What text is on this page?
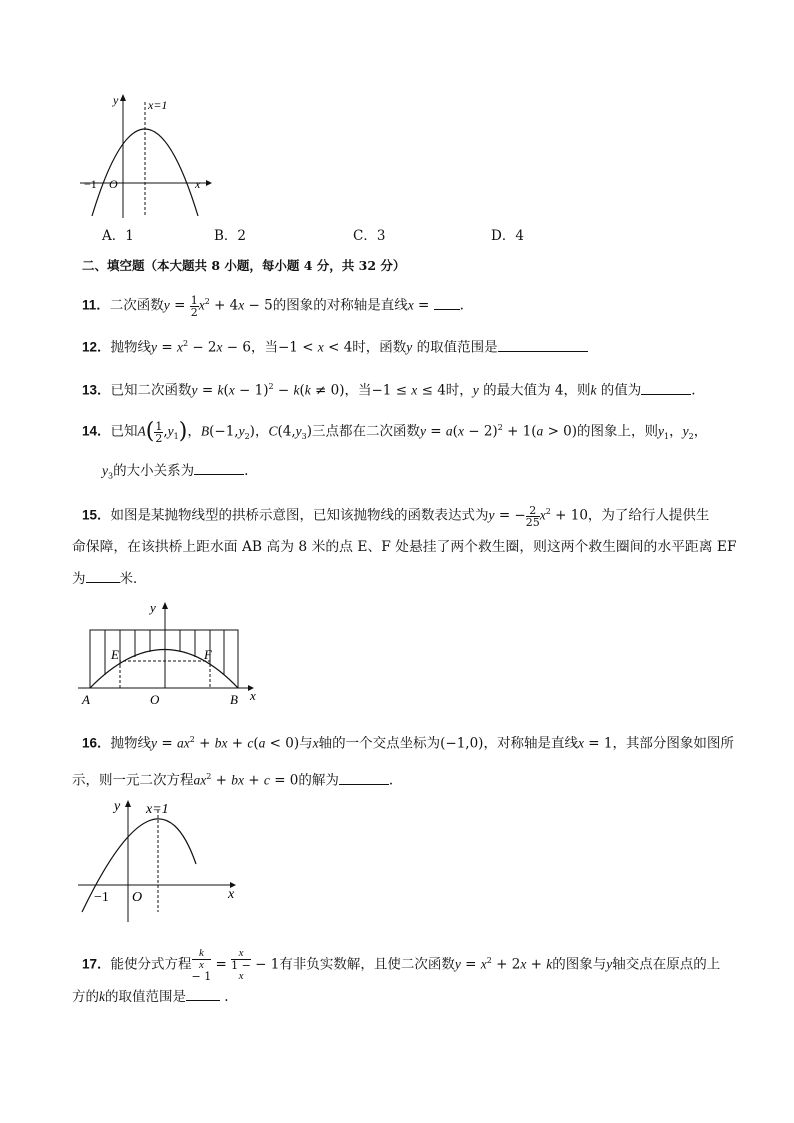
y x=1
−1 O	x
A．1	B．2	C．3	D．4
二、填空题（本大题共 8 小题，每小题 4 分，共 32 分）
11．二次函数$y = \frac{1}{2} x^2 + 4x - 5$的图象的对称轴是直线x = .
12．抛物线$y = x^2 - 2x - 6$，当−1 < x < 4时，函数y 的取值范围是
13．已知二次函数$y = k(x - 1)^2 - k(k \ne 0)$，当−1 ≤ x ≤ 4时，y 的最大值为 4，则k 的值为	.
14．已知$A( \frac{1}{2} ,y_1)$，$B(-1,y_2)$，$C(4,y_3)$三点都在二次函数$y = a(x - 2)^2 + 1(a > 0)$的图象上，则$y_1$，$y_2$，
$y_3$的大小关系为	.
15．如图是某抛物线型的拱桥示意图，已知该抛物线的函数表达式为y = − $\frac{2}{25} x^2 + 10$，为了给行人提供生
命保障，在该拱桥上距水面 AB 高为 8 米的点 E、F 处悬挂了两个救生圈，则这两个救生圈间的水平距离 EF
为	米．
y
E	F
A	O	B x
16．抛物线$y = ax^2$ + bx + c(a < 0)与x轴的一个交点坐标为(−1,0)，对称轴是直线x = 1，其部分图象如图所
示，则一元二次方程$ax^2$ + bx + c = 0的解为	.
y x=1
−1 O	x
17．能使分式方程 k
x
− 1 = x
1 −
x − 1有非负实数解，且使二次函数$y = x^2 + 2x + k$的图象与y轴交点在原点的上
方的k的取值范围是	.
